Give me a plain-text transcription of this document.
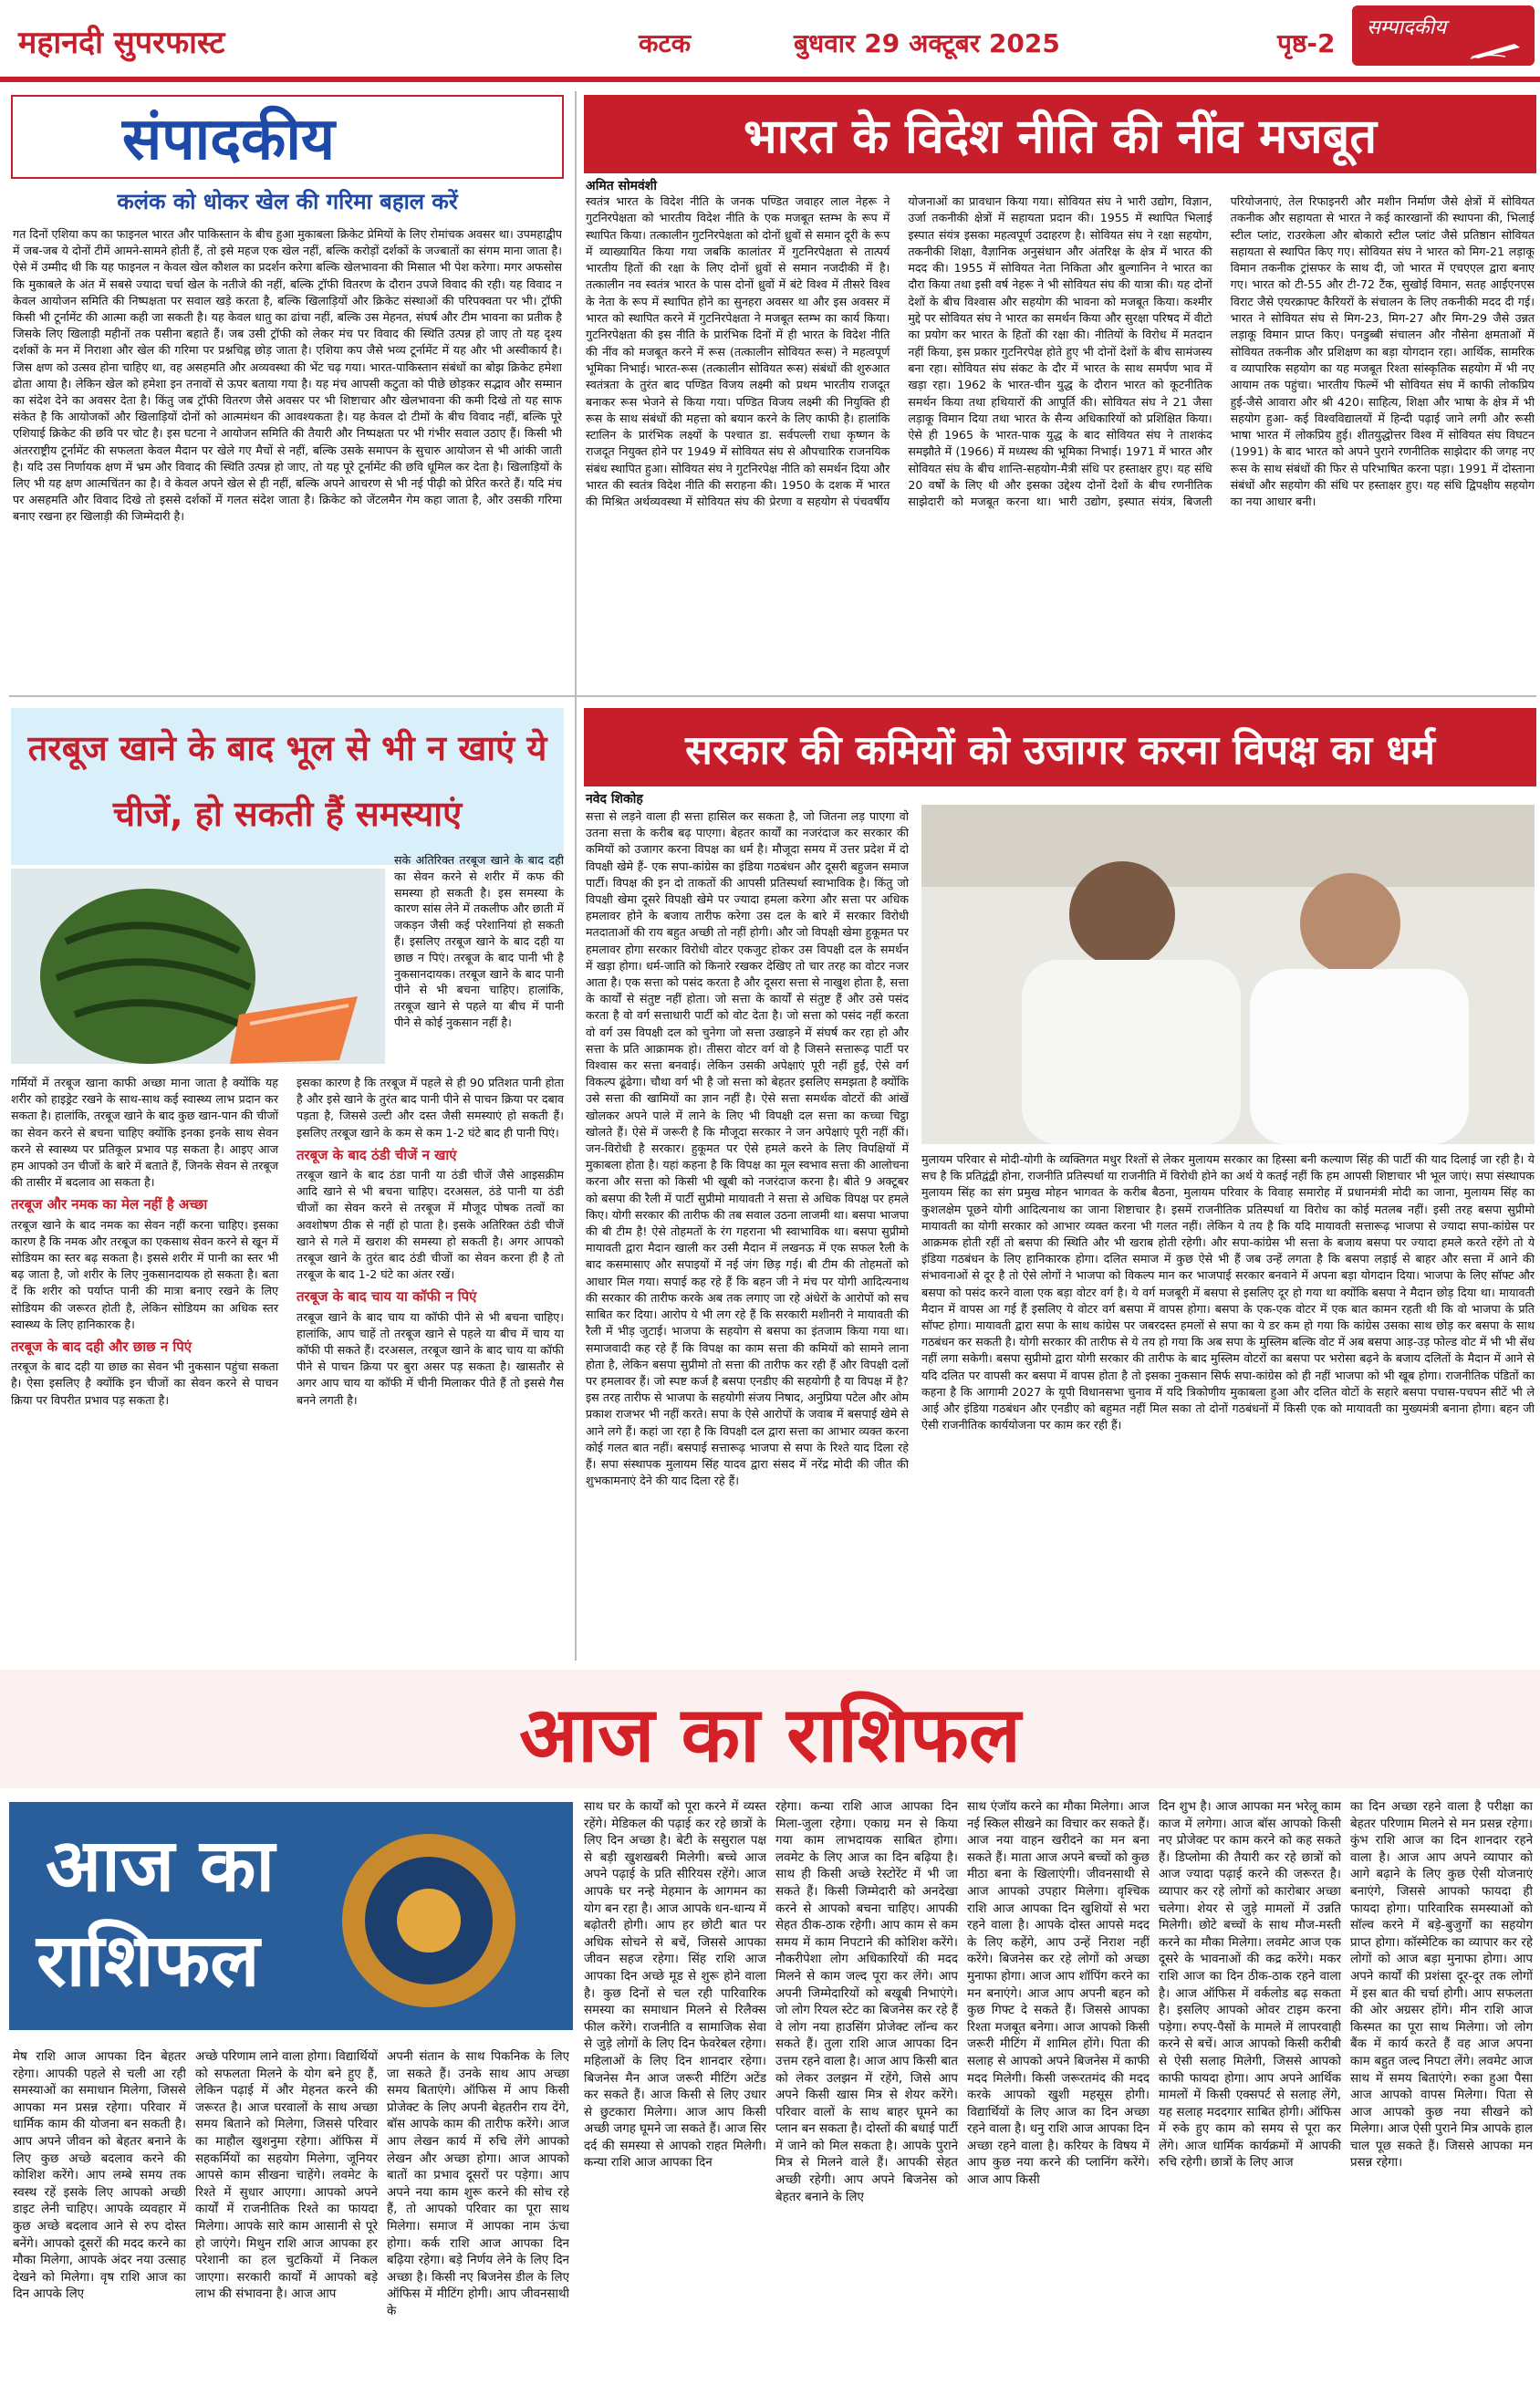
महानदी सुपरफास्ट	कटक	बुधवार 29 अक्टूबर 2025	पृष्ठ-2
सम्पादकीय
संपादकीय
कलंक को धोकर खेल की गरिमा बहाल करें
गत दिनों एशिया कप का फाइनल भारत और पाकिस्तान के बीच हुआ मुकाबला क्रिकेट प्रेमियों के लिए रोमांचक अवसर था। उपमहाद्वीप में जब-जब ये दोनों टीमें आमने-सामने होती हैं, तो इसे महज एक खेल नहीं, बल्कि करोड़ों दर्शकों के जज्बातों का संगम माना जाता है। ऐसे में उम्मीद थी कि यह फाइनल न केवल खेल कौशल का प्रदर्शन करेगा बल्कि खेलभावना की मिसाल भी पेश करेगा। मगर अफसोस कि मुकाबले के अंत में सबसे ज्यादा चर्चा खेल के नतीजे की नहीं, बल्कि ट्रॉफी वितरण के दौरान उपजे विवाद की रही। यह विवाद न केवल आयोजन समिति की निष्पक्षता पर सवाल खड़े करता है, बल्कि खिलाड़ियों और क्रिकेट संस्थाओं की परिपक्वता पर भी। ट्रॉफी किसी भी टूर्नामेंट की आत्मा कही जा सकती है। यह केवल धातु का ढांचा नहीं, बल्कि उस मेहनत, संघर्ष और टीम भावना का प्रतीक है जिसके लिए खिलाड़ी महीनों तक पसीना बहाते हैं। जब उसी ट्रॉफी को लेकर मंच पर विवाद की स्थिति उत्पन्न हो जाए तो यह दृश्य दर्शकों के मन में निराशा और खेल की गरिमा पर प्रश्नचिह्न छोड़ जाता है। एशिया कप जैसे भव्य टूर्नामेंट में यह और भी अस्वीकार्य है। जिस क्षण को उत्सव होना चाहिए था, वह असहमति और अव्यवस्था की भेंट चढ़ गया। भारत-पाकिस्तान संबंधों का बोझ क्रिकेट हमेशा ढोता आया है। लेकिन खेल को हमेशा इन तनावों से ऊपर बताया गया है। यह मंच आपसी कटुता को पीछे छोड़कर सद्भाव और सम्मान का संदेश देने का अवसर देता है। किंतु जब ट्रॉफी वितरण जैसे अवसर पर भी शिष्टाचार और खेलभावना की कमी दिखे तो यह साफ संकेत है कि आयोजकों और खिलाड़ियों दोनों को आत्ममंथन की आवश्यकता है। यह केवल दो टीमों के बीच विवाद नहीं, बल्कि पूरे एशियाई क्रिकेट की छवि पर चोट है। इस घटना ने आयोजन समिति की तैयारी और निष्पक्षता पर भी गंभीर सवाल उठाए हैं। किसी भी अंतरराष्ट्रीय टूर्नामेंट की सफलता केवल मैदान पर खेले गए मैचों से नहीं, बल्कि उसके समापन के सुचारु आयोजन से भी आंकी जाती है। यदि उस निर्णायक क्षण में भ्रम और विवाद की स्थिति उत्पन्न हो जाए, तो यह पूरे टूर्नामेंट की छवि धूमिल कर देता है। खिलाड़ियों के लिए भी यह क्षण आत्मचिंतन का है। वे केवल अपने खेल से ही नहीं, बल्कि अपने आचरण से भी नई पीढ़ी को प्रेरित करते हैं। यदि मंच पर असहमति और विवाद दिखे तो इससे दर्शकों में गलत संदेश जाता है। क्रिकेट को जेंटलमैन गेम कहा जाता है, और उसकी गरिमा बनाए रखना हर खिलाड़ी की जिम्मेदारी है।
भारत के विदेश नीति की नींव मजबूत
अमित सोमवंशी
स्वतंत्र भारत के विदेश नीति के जनक पण्डित जवाहर लाल नेहरू ने गुटनिरपेक्षता को भारतीय विदेश नीति के एक मजबूत स्तम्भ के रूप में स्थापित किया। तत्कालीन गुटनिरपेक्षता को दोनों ध्रुवों से समान दूरी के रूप में व्याख्यायित किया गया जबकि कालांतर में गुटनिरपेक्षता से तात्पर्य भारतीय हितों की रक्षा के लिए दोनों ध्रुवों से समान नजदीकी में है। तत्कालीन नव स्वतंत्र भारत के पास दोनों ध्रुवों में बंटे विश्व में तीसरे विश्व के नेता के रूप में स्थापित होने का सुनहरा अवसर था और इस अवसर में भारत को स्थापित करने में गुटनिरपेक्षता ने मजबूत स्तम्भ का कार्य किया। गुटनिरपेक्षता की इस नीति के प्रारंभिक दिनों में ही भारत के विदेश नीति की नींव को मजबूत करने में रूस (तत्कालीन सोवियत रूस) ने महत्वपूर्ण भूमिका निभाई। भारत-रूस (तत्कालीन सोवियत रूस) संबंधों की शुरुआत स्वतंत्रता के तुरंत बाद पण्डित विजय लक्ष्मी को प्रथम भारतीय राजदूत बनाकर रूस भेजने से किया गया। पण्डित विजय लक्ष्मी की नियुक्ति ही रूस के साथ संबंधों की महत्ता को बयान करने के लिए काफी है। हालांकि स्टालिन के प्रारंभिक लक्ष्यों के पश्चात डा. सर्वपल्ली राधा कृष्णन के राजदूत नियुक्त होने पर 1949 में सोवियत संघ से औपचारिक राजनयिक संबंध स्थापित हुआ। सोवियत संघ ने गुटनिरपेक्ष नीति को समर्थन दिया और भारत की स्वतंत्र विदेश नीति की सराहना की। 1950 के दशक में भारत की मिश्रित अर्थव्यवस्था में सोवियत संघ की प्रेरणा व सहयोग से पंचवर्षीय योजनाओं का प्रावधान किया गया। सोवियत संघ ने भारी उद्योग, विज्ञान, उर्जा तकनीकी क्षेत्रों में सहायता प्रदान की। 1955 में स्थापित भिलाई इस्पात संयंत्र इसका महत्वपूर्ण उदाहरण है। सोवियत संघ ने रक्षा सहयोग, तकनीकी शिक्षा, वैज्ञानिक अनुसंधान और अंतरिक्ष के क्षेत्र में भारत की मदद की। 1955 में सोवियत नेता निकिता और बुल्गानिन ने भारत का दौरा किया तथा इसी वर्ष नेहरू ने भी सोवियत संघ की यात्रा की। यह दोनों देशों के बीच विश्वास और सहयोग की भावना को मजबूत किया। कश्मीर मुद्दे पर सोवियत संघ ने भारत का समर्थन किया और सुरक्षा परिषद में वीटो का प्रयोग कर भारत के हितों की रक्षा की। नीतियों के विरोध में मतदान नहीं किया, इस प्रकार गुटनिरपेक्ष होते हुए भी दोनों देशों के बीच सामंजस्य बना रहा। सोवियत संघ संकट के दौर में भारत के साथ समर्पण भाव में खड़ा रहा। 1962 के भारत-चीन युद्ध के दौरान भारत को कूटनीतिक समर्थन किया तथा हथियारों की आपूर्ति की। सोवियत संघ ने 21 जैसा लड़ाकू विमान दिया तथा भारत के सैन्य अधिकारियों को प्रशिक्षित किया। ऐसे ही 1965 के भारत-पाक युद्ध के बाद सोवियत संघ ने ताशकंद समझौते में (1966) में मध्यस्थ की भूमिका निभाई। 1971 में भारत और सोवियत संघ के बीच शान्ति-सहयोग-मैत्री संधि पर हस्ताक्षर हुए। यह संधि 20 वर्षों के लिए थी और इसका उद्देश्य दोनों देशों के बीच रणनीतिक साझेदारी को मजबूत करना था। भारी उद्योग, इस्पात संयंत्र, बिजली परियोजनाएं, तेल रिफाइनरी और मशीन निर्माण जैसे क्षेत्रों में सोवियत तकनीक और सहायता से भारत ने कई कारखानों की स्थापना की, भिलाई स्टील प्लांट, राउरकेला और बोकारो स्टील प्लांट जैसे प्रतिष्ठान सोवियत सहायता से स्थापित किए गए। सोवियत संघ ने भारत को मिग-21 लड़ाकू विमान तकनीक ट्रांसफर के साथ दी, जो भारत में एचएएल द्वारा बनाए गए। भारत को टी-55 और टी-72 टैंक, सुखोई विमान, सतह आईएनएस विराट जैसे एयरक्राफ्ट कैरियरों के संचालन के लिए तकनीकी मदद दी गई। भारत ने सोवियत संघ से मिग-23, मिग-27 और मिग-29 जैसे उन्नत लड़ाकू विमान प्राप्त किए। पनडुब्बी संचालन और नौसेना क्षमताओं में सोवियत तकनीक और प्रशिक्षण का बड़ा योगदान रहा। आर्थिक, सामरिक व व्यापारिक सहयोग का यह मजबूत रिश्ता सांस्कृतिक सहयोग में भी नए आयाम तक पहुंचा। भारतीय फिल्में भी सोवियत संघ में काफी लोकप्रिय हुई-जैसे आवारा और श्री 420। साहित्य, शिक्षा और भाषा के क्षेत्र में भी सहयोग हुआ- कई विश्वविद्यालयों में हिन्दी पढ़ाई जाने लगी और रूसी भाषा भारत में लोकप्रिय हुई। शीतयुद्धोत्तर विश्व में सोवियत संघ विघटन (1991) के बाद भारत को अपने पुराने रणनीतिक साझेदार की जगह नए रूस के साथ संबंधों की फिर से परिभाषित करना पड़ा। 1991 में दोस्ताना संबंधों और सहयोग की संधि पर हस्ताक्षर हुए। यह संधि द्विपक्षीय सहयोग का नया आधार बनी।
तरबूज खाने के बाद भूल से भी न खाएं ये चीजें, हो सकती हैं समस्याएं
सके अतिरिक्त तरबूज खाने के बाद दही का सेवन करने से शरीर में कफ की समस्या हो सकती है। इस समस्या के कारण सांस लेने में तकलीफ और छाती में जकड़न जैसी कई परेशानियां हो सकती हैं। इसलिए तरबूज खाने के बाद दही या छाछ न पिएं। तरबूज के बाद पानी भी है नुकसानदायक। तरबूज खाने के बाद पानी पीने से भी बचना चाहिए। हालांकि, तरबूज खाने से पहले या बीच में पानी पीने से कोई नुकसान नहीं है।

गर्मियों में तरबूज खाना काफी अच्छा माना जाता है क्योंकि यह शरीर को हाइड्रेट रखने के साथ-साथ कई स्वास्थ्य लाभ प्रदान कर सकता है। हालांकि, तरबूज खाने के बाद कुछ खान-पान की चीजों का सेवन करने से बचना चाहिए क्योंकि इनका इनके साथ सेवन करने से स्वास्थ्य पर प्रतिकूल प्रभाव पड़ सकता है। आइए आज हम आपको उन चीजों के बारे में बताते हैं, जिनके सेवन से तरबूज की तासीर में बदलाव आ सकता है।

तरबूज और नमक का मेल नहीं है अच्छा

तरबूज खाने के बाद नमक का सेवन नहीं करना चाहिए। इसका कारण है कि नमक और तरबूज का एकसाथ सेवन करने से खून में सोडियम का स्तर बढ़ सकता है। इससे शरीर में पानी का स्तर भी बढ़ जाता है, जो शरीर के लिए नुकसानदायक हो सकता है। बता दें कि शरीर को पर्याप्त पानी की मात्रा बनाए रखने के लिए सोडियम की जरूरत होती है, लेकिन सोडियम का अधिक स्तर स्वास्थ्य के लिए हानिकारक है।

तरबूज के बाद दही और छाछ न पिएं

तरबूज के बाद दही या छाछ का सेवन भी नुकसान पहुंचा सकता है। ऐसा इसलिए है क्योंकि इन चीजों का सेवन करने से पाचन क्रिया पर विपरीत प्रभाव पड़ सकता है।

इसका कारण है कि तरबूज में पहले से ही 90 प्रतिशत पानी होता है और इसे खाने के तुरंत बाद पानी पीने से पाचन क्रिया पर दबाव पड़ता है, जिससे उल्टी और दस्त जैसी समस्याएं हो सकती हैं। इसलिए तरबूज खाने के कम से कम 1-2 घंटे बाद ही पानी पिएं।

तरबूज के बाद ठंडी चीजें न खाएं

तरबूज खाने के बाद ठंडा पानी या ठंडी चीजें जैसे आइसक्रीम आदि खाने से भी बचना चाहिए। दरअसल, ठंडे पानी या ठंडी चीजों का सेवन करने से तरबूज में मौजूद पोषक तत्वों का अवशोषण ठीक से नहीं हो पाता है। इसके अतिरिक्त ठंडी चीजें खाने से गले में खराश की समस्या हो सकती है। अगर आपको तरबूज खाने के तुरंत बाद ठंडी चीजों का सेवन करना ही है तो तरबूज के बाद 1-2 घंटे का अंतर रखें।

तरबूज के बाद चाय या कॉफी न पिएं

तरबूज खाने के बाद चाय या कॉफी पीने से भी बचना चाहिए। हालांकि, आप चाहें तो तरबूज खाने से पहले या बीच में चाय या कॉफी पी सकते हैं। दरअसल, तरबूज खाने के बाद चाय या कॉफी पीने से पाचन क्रिया पर बुरा असर पड़ सकता है। खासतौर से अगर आप चाय या कॉफी में चीनी मिलाकर पीते हैं तो इससे गैस बनने लगती है।

सरकार की कमियों को उजागर करना विपक्ष का धर्म
नवेद शिकोह
सत्ता से लड़ने वाला ही सत्ता हासिल कर सकता है, जो जितना लड़ पाएगा वो उतना सत्ता के करीब बढ़ पाएगा। बेहतर कार्यों का नजरंदाज कर सरकार की कमियों को उजागर करना विपक्ष का धर्म है। मौजूदा समय में उत्तर प्रदेश में दो विपक्षी खेमे हैं- एक सपा-कांग्रेस का इंडिया गठबंधन और दूसरी बहुजन समाज पार्टी। विपक्ष की इन दो ताकतों की आपसी प्रतिस्पर्धा स्वाभाविक है। किंतु जो विपक्षी खेमा दूसरे विपक्षी खेमे पर ज्यादा हमला करेगा और सत्ता पर अधिक हमलावर होने के बजाय तारीफ करेगा उस दल के बारे में सरकार विरोधी मतदाताओं की राय बहुत अच्छी तो नहीं होगी। और जो विपक्षी खेमा हुकूमत पर हमलावर होगा सरकार विरोधी वोटर एकजुट होकर उस विपक्षी दल के समर्थन में खड़ा होगा। धर्म-जाति को किनारे रखकर देखिए तो चार तरह का वोटर नजर आता है। एक सत्ता को पसंद करता है और दूसरा सत्ता से नाखुश होता है, सत्ता के कार्यों से संतुष्ट नहीं होता। जो सत्ता के कार्यों से संतुष्ट हैं और उसे पसंद करता है वो वर्ग सत्ताधारी पार्टी को वोट देता है। जो सत्ता को पसंद नहीं करता वो वर्ग उस विपक्षी दल को चुनेगा जो सत्ता उखाड़ने में संघर्ष कर रहा हो और सत्ता के प्रति आक्रामक हो। तीसरा वोटर वर्ग वो है जिसने सत्तारूढ़ पार्टी पर विश्वास कर सत्ता बनवाई। लेकिन उसकी अपेक्षाएं पूरी नहीं हुईं, ऐसे वर्ग विकल्प ढूंढेगा। चौथा वर्ग भी है जो सत्ता को बेहतर इसलिए समझता है क्योंकि उसे सत्ता की खामियों का ज्ञान नहीं है। ऐसे सत्ता समर्थक वोटरों की आंखें खोलकर अपने पाले में लाने के लिए भी विपक्षी दल सत्ता का कच्चा चिट्ठा खोलते हैं। ऐसे में जरूरी है कि मौजूदा सरकार ने जन अपेक्षाएं पूरी नहीं कीं। जन-विरोधी है सरकार। हुकूमत पर ऐसे हमले करने के लिए विपक्षियों में मुकाबला होता है। यहां कहना है कि विपक्ष का मूल स्वभाव सत्ता की आलोचना करना और सत्ता को किसी भी खूबी को नजरंदाज करना है। बीते 9 अक्टूबर को बसपा की रैली में पार्टी सुप्रीमो मायावती ने सत्ता से अधिक विपक्ष पर हमले किए। योगी सरकार की तारीफ की तब सवाल उठना लाजमी था। बसपा भाजपा की बी टीम है! ऐसे तोहमतों के रंग गहराना भी स्वाभाविक था। बसपा सुप्रीमो मायावती द्वारा मैदान खाली कर उसी मैदान में लखनऊ में एक सफल रैली के बाद कसमासाए और सपाइयों में नई जंग छिड़ गई। बी टीम की तोहमतों को आधार मिल गया। सपाई कह रहे हैं कि बहन जी ने मंच पर योगी आदित्यनाथ की सरकार की तारीफ करके अब तक लगाए जा रहे अंधेरों के आरोपों को सच साबित कर दिया। आरोप ये भी लग रहे हैं कि सरकारी मशीनरी ने मायावती की रैली में भीड़ जुटाई। भाजपा के सहयोग से बसपा का इंतजाम किया गया था। समाजवादी कह रहे हैं कि विपक्ष का काम सत्ता की कमियों को सामने लाना होता है, लेकिन बसपा सुप्रीमो तो सत्ता की तारीफ कर रही हैं और विपक्षी दलों पर हमलावर हैं। जो स्पष्ट कर्ज है बसपा एनडीए की सहयोगी है या विपक्ष में है? इस तरह तारीफ से भाजपा के सहयोगी संजय निषाद, अनुप्रिया पटेल और ओम प्रकाश राजभर भी नहीं करते। सपा के ऐसे आरोपों के जवाब में बसपाई खेमे से आने लगे हैं। कहां जा रहा है कि विपक्षी दल द्वारा सत्ता का आभार व्यक्त करना कोई गलत बात नहीं। बसपाई सत्तारूढ़ भाजपा से सपा के रिश्ते याद दिला रहे हैं। सपा संस्थापक मुलायम सिंह यादव द्वारा संसद में नरेंद्र मोदी की जीत की शुभकामनाएं देने की याद दिला रहे हैं।
मुलायम परिवार से मोदी-योगी के व्यक्तिगत मधुर रिश्तों से लेकर मुलायम सरकार का हिस्सा बनी कल्याण सिंह की पार्टी की याद दिलाई जा रही है। ये सच है कि प्रतिद्वंद्वी होना, राजनीति प्रतिस्पर्धा या राजनीति में विरोधी होने का अर्थ ये कतई नहीं कि हम आपसी शिष्टाचार भी भूल जाएं। सपा संस्थापक मुलायम सिंह का संग प्रमुख मोहन भागवत के करीब बैठना, मुलायम परिवार के विवाह समारोह में प्रधानमंत्री मोदी का जाना, मुलायम सिंह का कुशलक्षेम पूछने योगी आदित्यनाथ का जाना शिष्टाचार है। इसमें राजनीतिक प्रतिस्पर्धा या विरोध का कोई मतलब नहीं। इसी तरह बसपा सुप्रीमो मायावती का योगी सरकार को आभार व्यक्त करना भी गलत नहीं। लेकिन ये तय है कि यदि मायावती सत्तारूढ़ भाजपा से ज्यादा सपा-कांग्रेस पर आक्रमक होती रहीं तो बसपा की स्थिति और भी खराब होती रहेगी। और सपा-कांग्रेस भी सत्ता के बजाय बसपा पर ज्यादा हमले करते रहेंगे तो ये इंडिया गठबंधन के लिए हानिकारक होगा। दलित समाज में कुछ ऐसे भी हैं जब उन्हें लगता है कि बसपा लड़ाई से बाहर और सत्ता में आने की संभावनाओं से दूर है तो ऐसे लोगों ने भाजपा को विकल्प मान कर भाजपाई सरकार बनवाने में अपना बड़ा योगदान दिया। भाजपा के लिए सॉफ्ट और बसपा को पसंद करने वाला एक बड़ा वोटर वर्ग है। ये वर्ग मजबूरी में बसपा से इसलिए दूर हो गया था क्योंकि बसपा ने मैदान छोड़ दिया था। मायावती मैदान में वापस आ गई हैं इसलिए ये वोटर वर्ग बसपा में वापस होगा। बसपा के एक-एक वोटर में एक बात कामन रहती थी कि वो भाजपा के प्रति सॉफ्ट होगा। मायावती द्वारा सपा के साथ कांग्रेस पर जबरदस्त हमलों से सपा का ये डर कम हो गया कि कांग्रेस उसका साथ छोड़ कर बसपा के साथ गठबंधन कर सकती है। योगी सरकार की तारीफ से ये तय हो गया कि अब सपा के मुस्लिम बल्कि वोट में अब बसपा आड़-उड़ फोल्ड वोट में भी भी सेंध नहीं लगा सकेगी। बसपा सुप्रीमो द्वारा योगी सरकार की तारीफ के बाद मुस्लिम वोटरों का बसपा पर भरोसा बढ़ने के बजाय दलितों के मैदान में आने से यदि दलित पर वापसी कर बसपा में वापस होता है तो इसका नुकसान सिर्फ सपा-कांग्रेस को ही नहीं भाजपा को भी खूब होगा। राजनीतिक पंडितों का कहना है कि आगामी 2027 के यूपी विधानसभा चुनाव में यदि त्रिकोणीय मुकाबला हुआ और दलित वोटों के सहारे बसपा पचास-पचपन सीटें भी ले आई और इंडिया गठबंधन और एनडीए को बहुमत नहीं मिल सका तो दोनों गठबंधनों में किसी एक को मायावती का मुख्यमंत्री बनाना होगा। बहन जी ऐसी राजनीतिक कार्ययोजना पर काम कर रही हैं।
आज का राशिफल
आज का
राशिफल
मेष राशि आज आपका दिन बेहतर रहेगा। आपकी पहले से चली आ रही समस्याओं का समाधान मिलेगा, जिससे आपका मन प्रसन्न रहेगा। परिवार में धार्मिक काम की योजना बन सकती है। आप अपने जीवन को बेहतर बनाने के लिए कुछ अच्छे बदलाव करने की कोशिश करेंगे। आप लम्बे समय तक स्वस्थ रहें इसके लिए आपको अच्छी डाइट लेनी चाहिए। आपके व्यवहार में कुछ अच्छे बदलाव आने से रुप दोस्त बनेंगे। आपको दूसरों की मदद करने का मौका मिलेगा, आपके अंदर नया उत्साह देखने को मिलेगा। वृष राशि आज का दिन आपके लिए
अच्छे परिणाम लाने वाला होगा। विद्यार्थियों को सफलता मिलने के योग बने हुए हैं, लेकिन पढ़ाई में और मेहनत करने की जरूरत है। आज घरवालों के साथ अच्छा समय बिताने को मिलेगा, जिससे परिवार का माहौल खुशनुमा रहेगा। ऑफिस में सहकर्मियों का सहयोग मिलेगा, जूनियर आपसे काम सीखना चाहेंगे। लवमेट के रिश्ते में सुधार आएगा। आपको अपने कार्यों में राजनीतिक रिश्ते का फायदा मिलेगा। आपके सारे काम आसानी से पूरे हो जाएंगे। मिथुन राशि आज आपका हर परेशानी का हल चुटकियों में निकल जाएगा। सरकारी कार्यों में आपको बड़े लाभ की संभावना है। आज आप
अपनी संतान के साथ पिकनिक के लिए जा सकते हैं। उनके साथ आप अच्छा समय बिताएंगे। ऑफिस में आप किसी प्रोजेक्ट के लिए अपनी बेहतरीन राय देंगे, बॉस आपके काम की तारीफ करेंगे। आज आप लेखन कार्य में रुचि लेंगे आपको लेखन और अच्छा होगा। आज आपको बातों का प्रभाव दूसरों पर पड़ेगा। आप अपने नया काम शुरू करने की सोच रहे हैं, तो आपको परिवार का पूरा साथ मिलेगा। समाज में आपका नाम ऊंचा होगा। कर्क राशि आज आपका दिन बढ़िया रहेगा। बड़े निर्णय लेने के लिए दिन अच्छा है। किसी नए बिजनेस डील के लिए ऑफिस में मीटिंग होगी। आप जीवनसाथी के
साथ घर के कार्यों को पूरा करने में व्यस्त रहेंगे। मेडिकल की पढ़ाई कर रहे छात्रों के लिए दिन अच्छा है। बेटी के ससुराल पक्ष से बड़ी खुशखबरी मिलेगी। बच्चे आज अपने पढ़ाई के प्रति सीरियस रहेंगे। आज आपके घर नन्हे मेहमान के आगमन का योग बन रहा है। आज आपके धन-धान्य में बढ़ोतरी होगी। आप हर छोटी बात पर अधिक सोचने से बचें, जिससे आपका जीवन सहज रहेगा। सिंह राशि आज आपका दिन अच्छे मूड से शुरू होने वाला है। कुछ दिनों से चल रही पारिवारिक समस्या का समाधान मिलने से रिलैक्स फील करेंगे। राजनीति व सामाजिक सेवा से जुड़े लोगों के लिए दिन फेवरेबल रहेगा। महिलाओं के लिए दिन शानदार रहेगा। बिजनेस मैन आज जरूरी मीटिंग अटेंड कर सकते हैं। आज किसी से लिए उधार से छुटकारा मिलेगा। आज आप किसी अच्छी जगह घूमने जा सकते हैं। आज सिर दर्द की समस्या से आपको राहत मिलेगी। कन्या राशि आज आपका दिन
रहेगा। कन्या राशि आज आपका दिन मिला-जुला रहेगा। एकाग्र मन से किया गया काम लाभदायक साबित होगा। लवमेट के लिए आज का दिन बढ़िया है। साथ ही किसी अच्छे रेस्टोरेंट में भी जा सकते हैं। किसी जिम्मेदारी को अनदेखा करने से आपको बचना चाहिए। आपकी सेहत ठीक-ठाक रहेगी। आप काम से कम समय में काम निपटाने की कोशिश करेंगे। नौकरीपेशा लोग अधिकारियों की मदद मिलने से काम जल्द पूरा कर लेंगे। आप अपनी जिम्मेदारियों को बखूबी निभाएंगे। जो लोग रियल स्टेट का बिजनेस कर रहे हैं वे लोग नया हाउसिंग प्रोजेक्ट लॉन्च कर सकते हैं। तुला राशि आज आपका दिन उत्तम रहने वाला है। आज आप किसी बात को लेकर उलझन में रहेंगे, जिसे आप अपने किसी खास मित्र से शेयर करेंगे। परिवार वालों के साथ बाहर घूमने का प्लान बन सकता है। दोस्तों की बधाई पार्टी में जाने को मिल सकता है। आपके पुराने मित्र से मिलने वाले हैं। आपकी सेहत अच्छी रहेगी। आप अपने बिजनेस को बेहतर बनाने के लिए
साथ एंजॉय करने का मौका मिलेगा। आज नई स्किल सीखने का विचार कर सकते हैं। आज नया वाहन खरीदने का मन बना सकते हैं। माता आज अपने बच्चों को कुछ मीठा बना के खिलाएंगी। जीवनसाथी से आज आपको उपहार मिलेगा। वृश्चिक राशि आज आपका दिन खुशियों से भरा रहने वाला है। आपके दोस्त आपसे मदद के लिए कहेंगे, आप उन्हें निराश नहीं करेंगे। बिजनेस कर रहे लोगों को अच्छा मुनाफा होगा। आज आप शॉपिंग करने का मन बनाएंगे। आज आप अपनी बहन को कुछ गिफ्ट दे सकते हैं। जिससे आपका रिश्ता मजबूत बनेगा। आज आपको किसी जरूरी मीटिंग में शामिल होंगे। पिता की सलाह से आपको अपने बिजनेस में काफी मदद मिलेगी। किसी जरूरतमंद की मदद करके आपको खुशी महसूस होगी। विद्यार्थियों के लिए आज का दिन अच्छा रहने वाला है। धनु राशि आज आपका दिन अच्छा रहने वाला है। करियर के विषय में आप कुछ नया करने की प्लानिंग करेंगे। आज आप किसी
दिन शुभ है। आज आपका मन भरेलू काम काज में लगेगा। आज बॉस आपको किसी नए प्रोजेक्ट पर काम करने को कह सकते हैं। डिप्लोमा की तैयारी कर रहे छात्रों को आज ज्यादा पढ़ाई करने की जरूरत है। व्यापार कर रहे लोगों को कारोबार अच्छा चलेगा। शेयर से जुड़े मामलों में उन्नति मिलेगी। छोटे बच्चों के साथ मौज-मस्ती करने का मौका मिलेगा। लवमेट आज एक दूसरे के भावनाओं की कद्र करेंगे। मकर राशि आज का दिन ठीक-ठाक रहने वाला है। आज ऑफिस में वर्कलोड बढ़ सकता है। इसलिए आपको ओवर टाइम करना पड़ेगा। रुपए-पैसों के मामले में लापरवाही करने से बचें। आज आपको किसी करीबी से ऐसी सलाह मिलेगी, जिससे आपको काफी फायदा होगा। आप अपने आर्थिक मामलों में किसी एक्सपर्ट से सलाह लेंगे, यह सलाह मददगार साबित होगी। ऑफिस में रुके हुए काम को समय से पूरा कर लेंगे। आज धार्मिक कार्यक्रमों में आपकी रुचि रहेगी। छात्रों के लिए आज
का दिन अच्छा रहने वाला है परीक्षा का बेहतर परिणाम मिलने से मन प्रसन्न रहेगा। कुंभ राशि आज का दिन शानदार रहने वाला है। आज आप अपने व्यापार को आगे बढ़ाने के लिए कुछ ऐसी योजनाएं बनाएंगे, जिससे आपको फायदा ही फायदा होगा। पारिवारिक समस्याओं को सॉल्व करने में बड़े-बुजुर्गों का सहयोग प्राप्त होगा। कॉस्मेटिक का व्यापार कर रहे लोगों को आज बड़ा मुनाफा होगा। आप अपने कार्यों की प्रशंसा दूर-दूर तक लोगों में इस बात की चर्चा होगी। आप सफलता की ओर अग्रसर होंगे। मीन राशि आज किस्मत का पूरा साथ मिलेगा। जो लोग बैंक में कार्य करते हैं वह आज अपना काम बहुत जल्द निपटा लेंगे। लवमेट आज साथ में समय बिताएंगे। रुका हुआ पैसा आज आपको वापस मिलेगा। पिता से आज आपको कुछ नया सीखने को मिलेगा। आज ऐसी पुराने मित्र आपके हाल चाल पूछ सकते हैं। जिससे आपका मन प्रसन्न रहेगा।
